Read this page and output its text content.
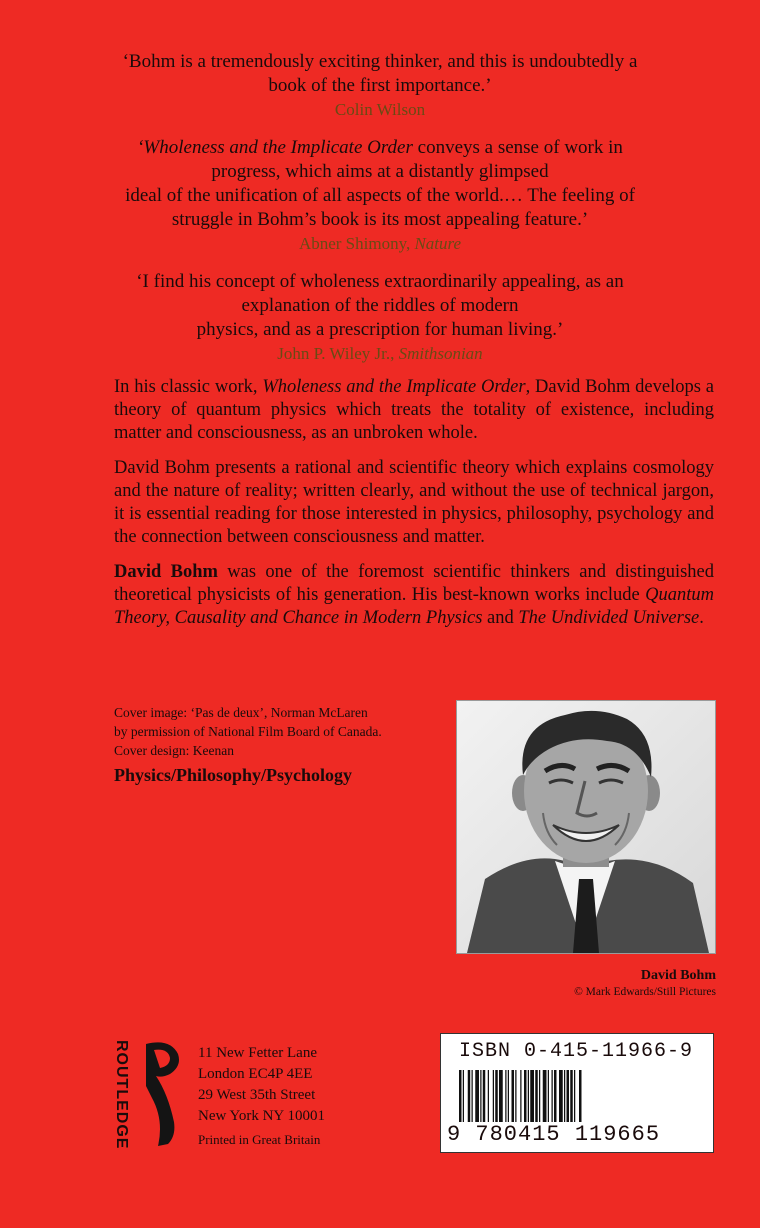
‘Bohm is a tremendously exciting thinker, and this is undoubtedly a

book of the first importance.’

Colin Wilson

‘Wholeness and the Implicate Order conveys a sense of work in

progress, which aims at a distantly glimpsed

ideal of the unification of all aspects of the world.… The feeling of

struggle in Bohm’s book is its most appealing feature.’

Abner Shimony, Nature

‘I find his concept of wholeness extraordinarily appealing, as an

explanation of the riddles of modern

physics, and as a prescription for human living.’

John P. Wiley Jr., Smithsonian

In his classic work, Wholeness and the Implicate Order, David Bohm develops a theory of quantum physics which treats the totality of existence, including matter and consciousness, as an unbroken whole.

David Bohm presents a rational and scientific theory which explains cosmology and the nature of reality; written clearly, and without the use of technical jargon, it is essential reading for those interested in physics, philosophy, psychology and the connection between consciousness and matter.

David Bohm was one of the foremost scientific thinkers and distinguished theoretical physicists of his generation. His best-known works include Quantum Theory, Causality and Chance in Modern Physics and The Undivided Universe.

Cover image: ‘Pas de deux’, Norman McLaren
by permission of National Film Board of Canada.
Cover design: Keenan
Physics/Philosophy/Psychology

David Bohm

© Mark Edwards/Still Pictures

ROUTLEDGE	11 New Fetter Lane
London EC4P 4EE
29 West 35th Street
New York NY 10001
Printed in Great Britain
ISBN 0-415-11966-9
9 780415 119665
